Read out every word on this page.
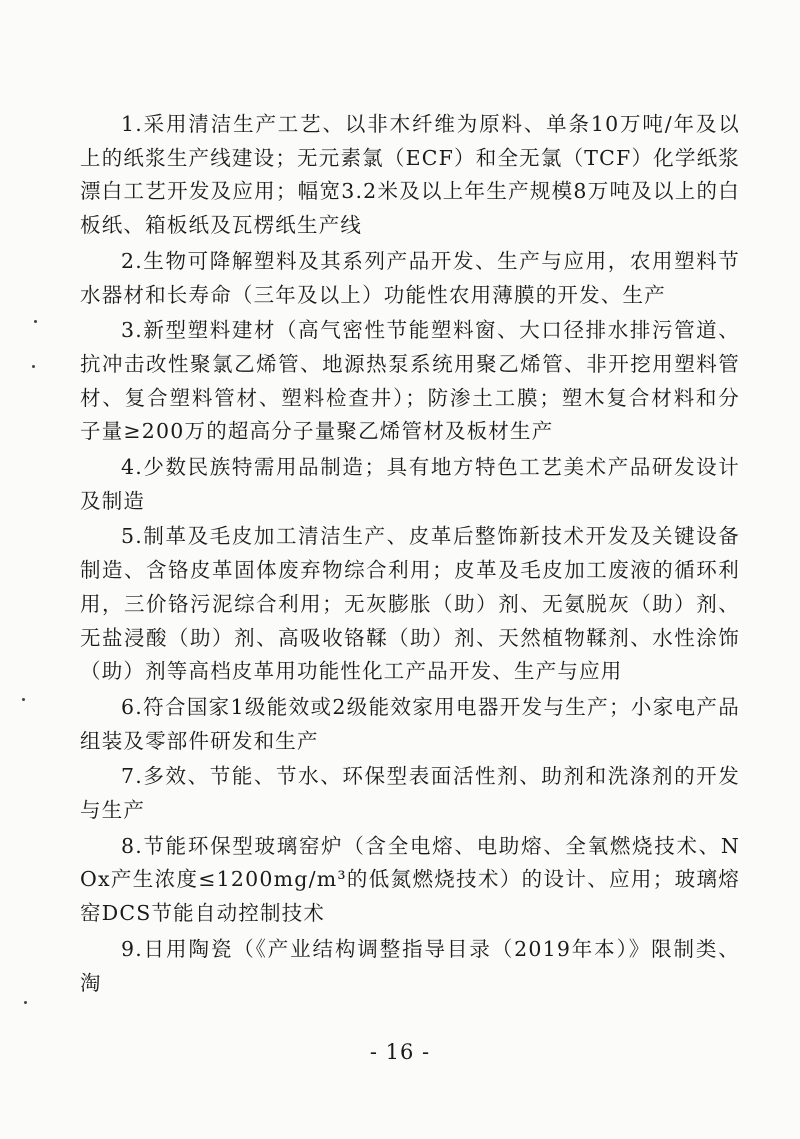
1.采用清洁生产工艺、以非木纤维为原料、单条10万吨/年及以上的纸浆生产线建设；无元素氯（ECF）和全无氯（TCF）化学纸浆漂白工艺开发及应用；幅宽3.2米及以上年生产规模8万吨及以上的白板纸、箱板纸及瓦楞纸生产线

2.生物可降解塑料及其系列产品开发、生产与应用，农用塑料节水器材和长寿命（三年及以上）功能性农用薄膜的开发、生产

3.新型塑料建材（高气密性节能塑料窗、大口径排水排污管道、抗冲击改性聚氯乙烯管、地源热泵系统用聚乙烯管、非开挖用塑料管材、复合塑料管材、塑料检查井）；防渗土工膜；塑木复合材料和分子量≥200万的超高分子量聚乙烯管材及板材生产

4.少数民族特需用品制造；具有地方特色工艺美术产品研发设计及制造

5.制革及毛皮加工清洁生产、皮革后整饰新技术开发及关键设备制造、含铬皮革固体废弃物综合利用；皮革及毛皮加工废液的循环利用，三价铬污泥综合利用；无灰膨胀（助）剂、无氨脱灰（助）剂、无盐浸酸（助）剂、高吸收铬鞣（助）剂、天然植物鞣剂、水性涂饰（助）剂等高档皮革用功能性化工产品开发、生产与应用

6.符合国家1级能效或2级能效家用电器开发与生产；小家电产品组装及零部件研发和生产

7.多效、节能、节水、环保型表面活性剂、助剂和洗涤剂的开发与生产

8.节能环保型玻璃窑炉（含全电熔、电助熔、全氧燃烧技术、NOx产生浓度≤1200mg/m³的低氮燃烧技术）的设计、应用；玻璃熔窑DCS节能自动控制技术

9.日用陶瓷（《产业结构调整指导目录（2019年本）》限制类、淘

- 16 -
